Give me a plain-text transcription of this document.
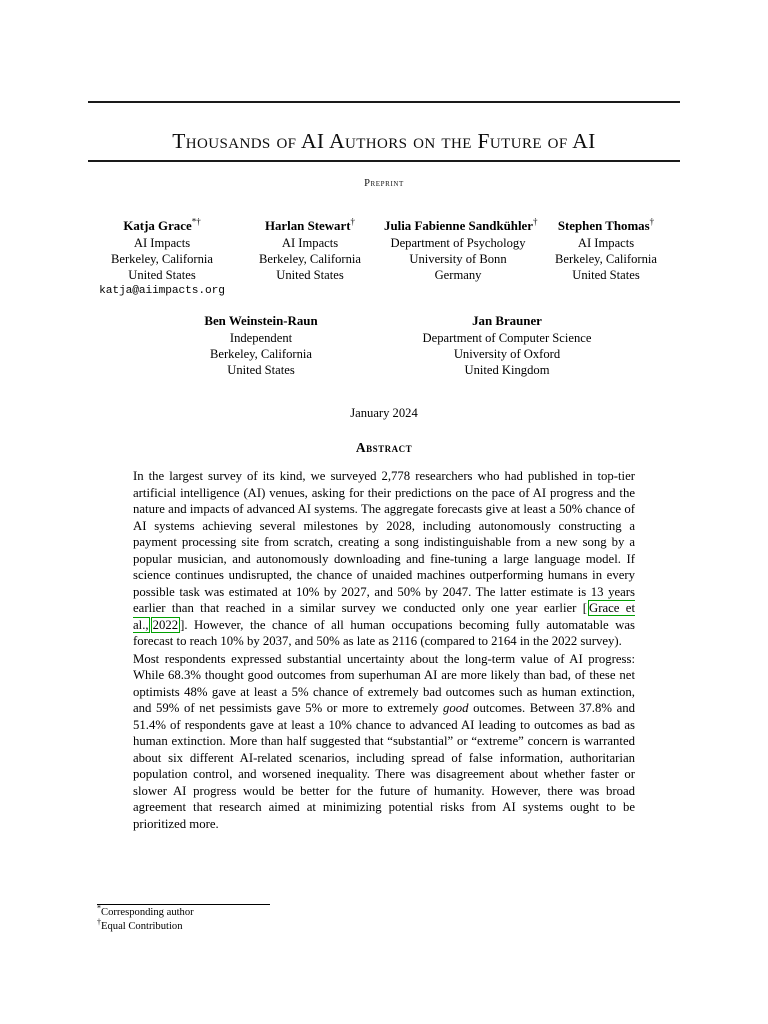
Thousands of AI Authors on the Future of AI
Preprint
Katja Grace*†
AI Impacts
Berkeley, California
United States
katja@aiimpacts.org
Harlan Stewart†
AI Impacts
Berkeley, California
United States
Julia Fabienne Sandkühler†
Department of Psychology
University of Bonn
Germany
Stephen Thomas†
AI Impacts
Berkeley, California
United States
Ben Weinstein-Raun
Independent
Berkeley, California
United States
Jan Brauner
Department of Computer Science
University of Oxford
United Kingdom
January 2024
Abstract

In the largest survey of its kind, we surveyed 2,778 researchers who had published in top-tier artificial intelligence (AI) venues, asking for their predictions on the pace of AI progress and the nature and impacts of advanced AI systems. The aggregate forecasts give at least a 50% chance of AI systems achieving several milestones by 2028, including autonomously constructing a payment processing site from scratch, creating a song indistinguishable from a new song by a popular musician, and autonomously downloading and fine-tuning a large language model. If science continues undisrupted, the chance of unaided machines outperforming humans in every possible task was estimated at 10% by 2027, and 50% by 2047. The latter estimate is 13 years earlier than that reached in a similar survey we conducted only one year earlier [ Grace et al., 2022 ]. However, the chance of all human occupations becoming fully automatable was forecast to reach 10% by 2037, and 50% as late as 2116 (compared to 2164 in the 2022 survey).

Most respondents expressed substantial uncertainty about the long-term value of AI progress: While 68.3% thought good outcomes from superhuman AI are more likely than bad, of these net optimists 48% gave at least a 5% chance of extremely bad outcomes such as human extinction, and 59% of net pessimists gave 5% or more to extremely good outcomes. Between 37.8% and 51.4% of respondents gave at least a 10% chance to advanced AI leading to outcomes as bad as human extinction. More than half suggested that “substantial” or “extreme” concern is warranted about six different AI-related scenarios, including spread of false information, authoritarian population control, and worsened inequality. There was disagreement about whether faster or slower AI progress would be better for the future of humanity. However, there was broad agreement that research aimed at minimizing potential risks from AI systems ought to be prioritized more.

*Corresponding author
†Equal Contribution
